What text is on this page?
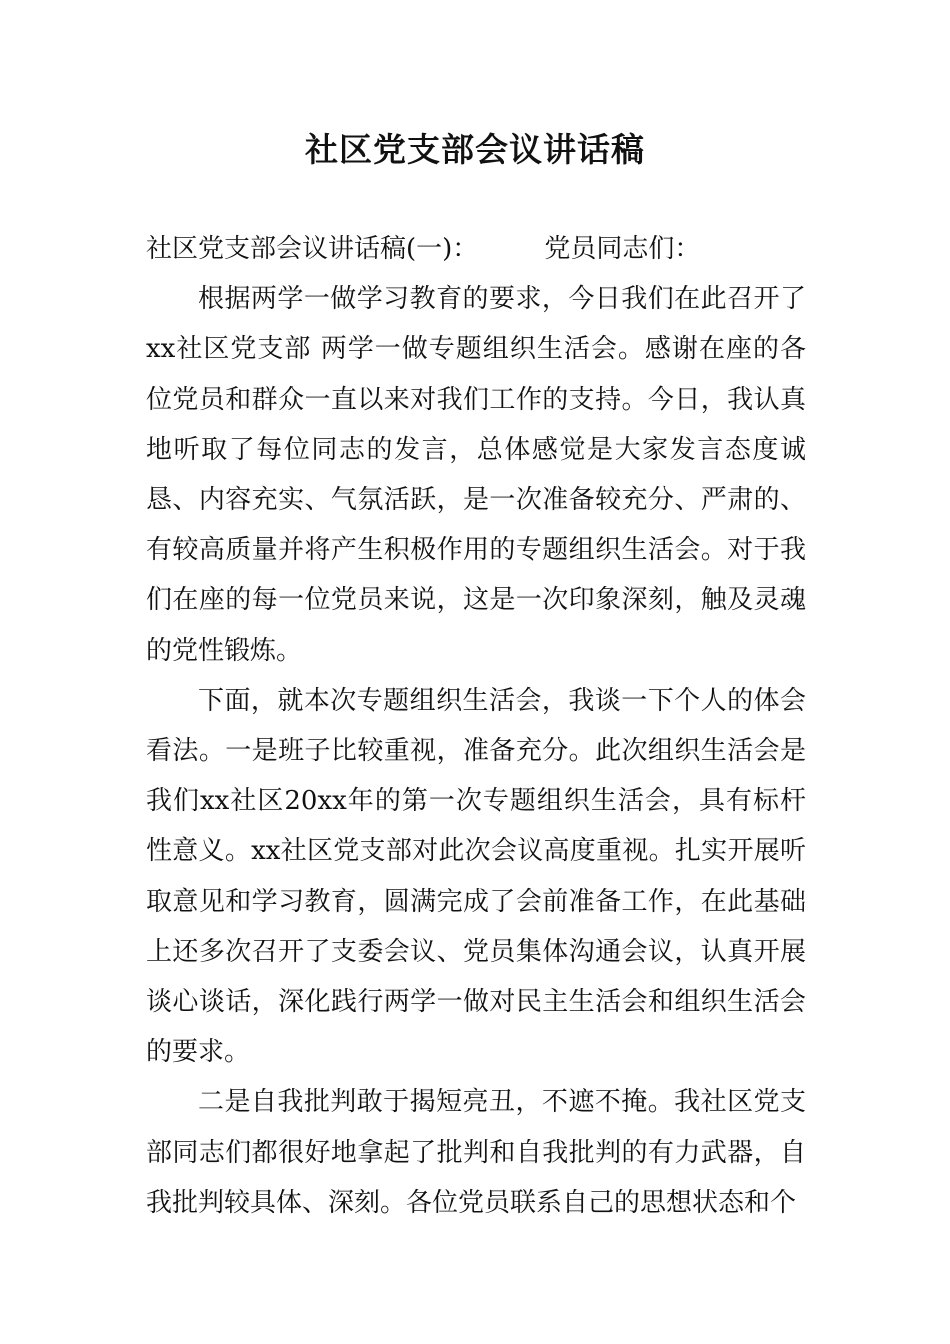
社区党支部会议讲话稿

社区党支部会议讲话稿(一)：        党员同志们：

根据两学一做学习教育的要求，今日我们在此召开了xx社区党支部 两学一做专题组织生活会。感谢在座的各位党员和群众一直以来对我们工作的支持。今日，我认真地听取了每位同志的发言，总体感觉是大家发言态度诚恳、内容充实、气氛活跃，是一次准备较充分、严肃的、有较高质量并将产生积极作用的专题组织生活会。对于我们在座的每一位党员来说，这是一次印象深刻，触及灵魂的党性锻炼。

下面，就本次专题组织生活会，我谈一下个人的体会看法。一是班子比较重视，准备充分。此次组织生活会是我们xx社区20xx年的第一次专题组织生活会，具有标杆性意义。xx社区党支部对此次会议高度重视。扎实开展听取意见和学习教育，圆满完成了会前准备工作，在此基础上还多次召开了支委会议、党员集体沟通会议，认真开展谈心谈话，深化践行两学一做对民主生活会和组织生活会的要求。

二是自我批判敢于揭短亮丑，不遮不掩。我社区党支部同志们都很好地拿起了批判和自我批判的有力武器，自我批判较具体、深刻。各位党员联系自己的思想状态和个
